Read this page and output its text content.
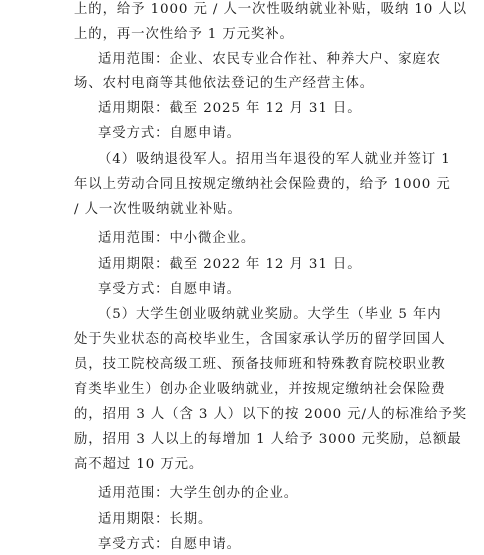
上的，给予 1000 元 / 人一次性吸纳就业补贴，吸纳 10 人以
上的，再一次性给予 1 万元奖补。
适用范围：企业、农民专业合作社、种养大户、家庭农
场、农村电商等其他依法登记的生产经营主体。
适用期限：截至 2025 年 12 月 31 日。
享受方式：自愿申请。
（4）吸纳退役军人。招用当年退役的军人就业并签订 1
年以上劳动合同且按规定缴纳社会保险费的，给予 1000 元
/ 人一次性吸纳就业补贴。
适用范围：中小微企业。
适用期限：截至 2022 年 12 月 31 日。
享受方式：自愿申请。
（5）大学生创业吸纳就业奖励。大学生（毕业 5 年内
处于失业状态的高校毕业生，含国家承认学历的留学回国人
员，技工院校高级工班、预备技师班和特殊教育院校职业教
育类毕业生）创办企业吸纳就业，并按规定缴纳社会保险费
的，招用 3 人（含 3 人）以下的按 2000 元/人的标准给予奖
励，招用 3 人以上的每增加 1 人给予 3000 元奖励，总额最
高不超过 10 万元。
适用范围：大学生创办的企业。
适用期限：长期。
享受方式：自愿申请。
